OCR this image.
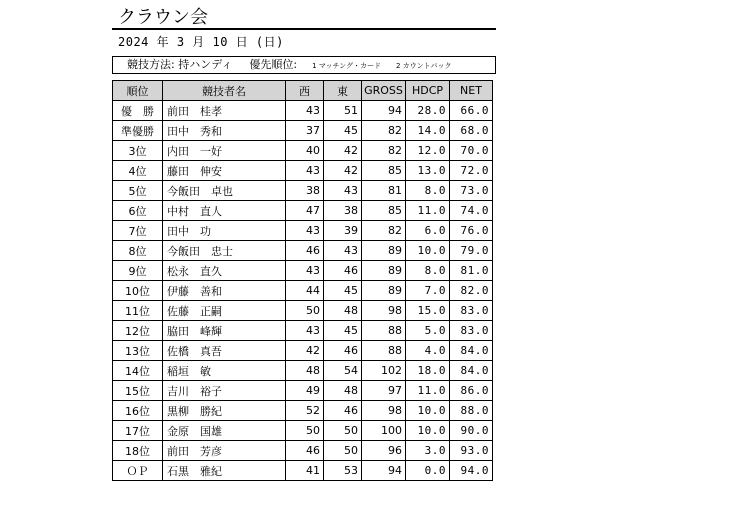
クラウン会
2024 年 3 月 10 日 (日)
競技方法: 持ハンディ 優先順位: 1 マッチング・カード 2 カウントバック
順位	競技者名	西	東	GROSS	HDCP	NET
優　勝	前田　桂孝	43	51	94	28.0	66.0
準優勝	田中　秀和	37	45	82	14.0	68.0
3位	内田　一好	40	42	82	12.0	70.0
4位	藤田　伸安	43	42	85	13.0	72.0
5位	今飯田　卓也	38	43	81	8.0	73.0
6位	中村　直人	47	38	85	11.0	74.0
7位	田中　功	43	39	82	6.0	76.0
8位	今飯田　忠士	46	43	89	10.0	79.0
9位	松永　直久	43	46	89	8.0	81.0
10位	伊藤　善和	44	45	89	7.0	82.0
11位	佐藤　正嗣	50	48	98	15.0	83.0
12位	脇田　峰輝	43	45	88	5.0	83.0
13位	佐橋　真吾	42	46	88	4.0	84.0
14位	稲垣　敏	48	54	102	18.0	84.0
15位	吉川　裕子	49	48	97	11.0	86.0
16位	黒柳　勝紀	52	46	98	10.0	88.0
17位	金原　国雄	50	50	100	10.0	90.0
18位	前田　芳彦	46	50	96	3.0	93.0
ＯＰ	石黒　雅紀	41	53	94	0.0	94.0
